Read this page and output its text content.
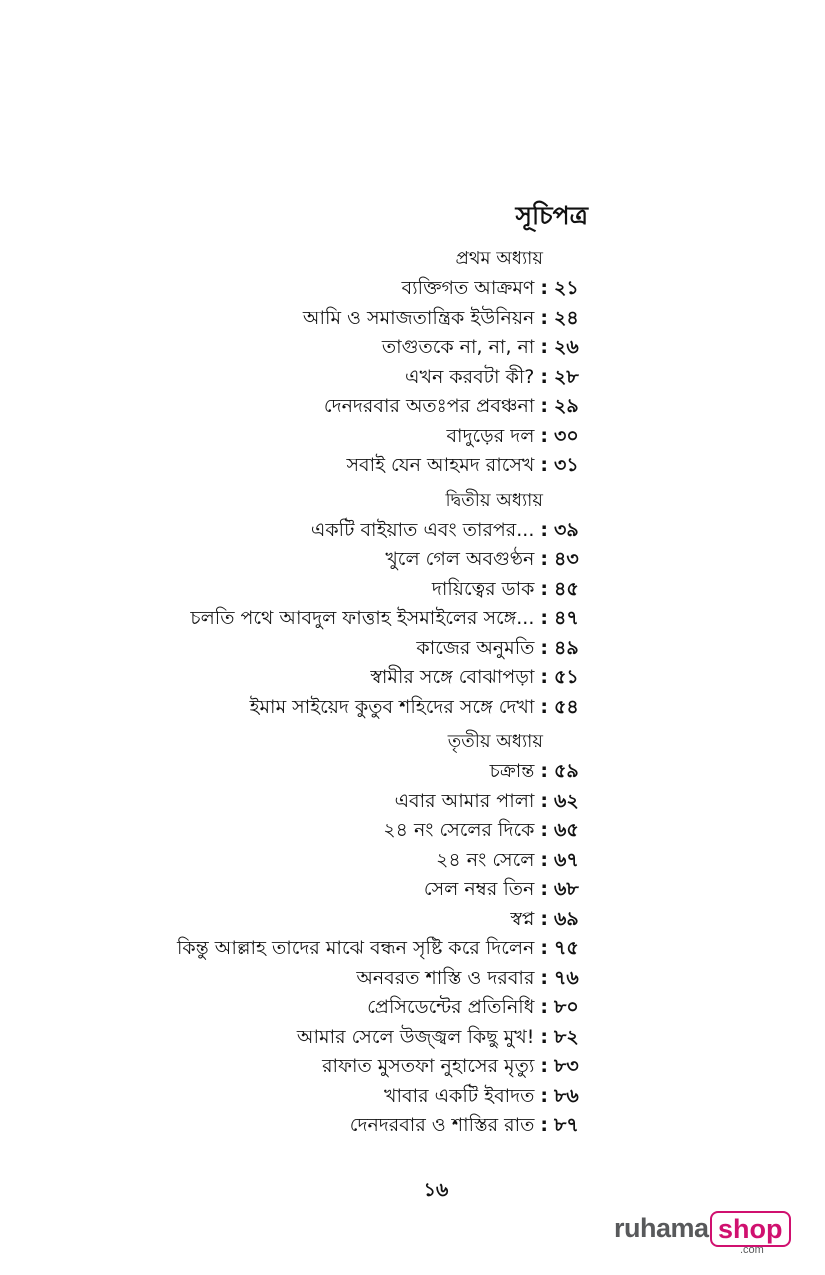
সূচিপত্র
প্রথম অধ্যায়
ব্যক্তিগত আক্রমণ : ২১
আমি ও সমাজতান্ত্রিক ইউনিয়ন : ২৪
তাগুতকে না, না, না : ২৬
এখন করবটা কী? : ২৮
দেনদরবার অতঃপর প্রবঞ্চনা : ২৯
বাদুড়ের দল : ৩০
সবাই যেন আহমদ রাসেখ : ৩১
দ্বিতীয় অধ্যায়
একটি বাইয়াত এবং তারপর... : ৩৯
খুলে গেল অবগুণ্ঠন : ৪৩
দায়িত্বের ডাক : ৪৫
চলতি পথে আবদুল ফাত্তাহ ইসমাইলের সঙ্গে... : ৪৭
কাজের অনুমতি : ৪৯
স্বামীর সঙ্গে বোঝাপড়া : ৫১
ইমাম সাইয়েদ কুতুব শহিদের সঙ্গে দেখা : ৫৪
তৃতীয় অধ্যায়
চক্রান্ত : ৫৯
এবার আমার পালা : ৬২
২৪ নং সেলের দিকে : ৬৫
২৪ নং সেলে : ৬৭
সেল নম্বর তিন : ৬৮
স্বপ্ন : ৬৯
কিন্তু আল্লাহ তাদের মাঝে বন্ধন সৃষ্টি করে দিলেন : ৭৫
অনবরত শাস্তি ও দরবার : ৭৬
প্রেসিডেন্টের প্রতিনিধি : ৮০
আমার সেলে উজ্জ্বল কিছু মুখ! : ৮২
রাফাত মুসতফা নুহাসের মৃত্যু : ৮৩
খাবার একটি ইবাদত : ৮৬
দেনদরবার ও শাস্তির রাত : ৮৭
১৬
ruhama shop
.com
